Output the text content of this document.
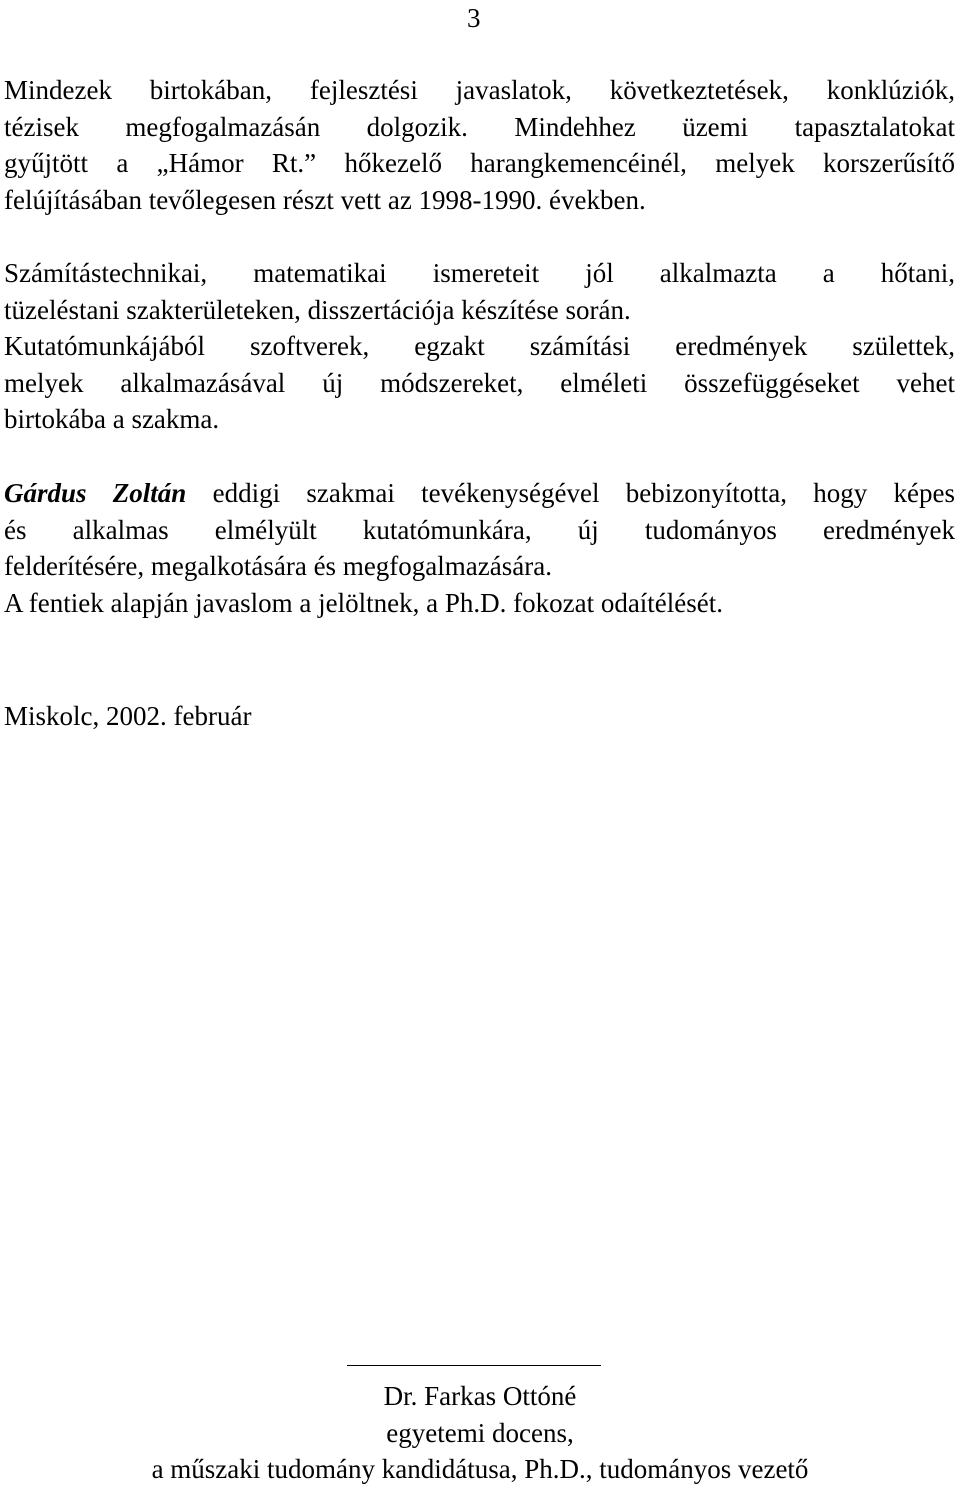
3
Mindezek birtokában, fejlesztési javaslatok, következtetések, konklúziók,
tézisek megfogalmazásán dolgozik. Mindehhez üzemi tapasztalatokat
gyűjtött a „Hámor Rt.” hőkezelő harangkemencéinél, melyek korszerűsítő
felújításában tevőlegesen részt vett az 1998-1990. években.
Számítástechnikai, matematikai ismereteit jól alkalmazta a hőtani,
tüzeléstani szakterületeken, disszertációja készítése során.
Kutatómunkájából szoftverek, egzakt számítási eredmények születtek,
melyek alkalmazásával új módszereket, elméleti összefüggéseket vehet
birtokába a szakma.
Gárdus Zoltán eddigi szakmai tevékenységével bebizonyította, hogy képes
és alkalmas elmélyült kutatómunkára, új tudományos eredmények
felderítésére, megalkotására és megfogalmazására.
A fentiek alapján javaslom a jelöltnek, a Ph.D. fokozat odaítélését.
Miskolc, 2002. február
Dr. Farkas Ottóné
egyetemi docens,
a műszaki tudomány kandidátusa, Ph.D., tudományos vezető
